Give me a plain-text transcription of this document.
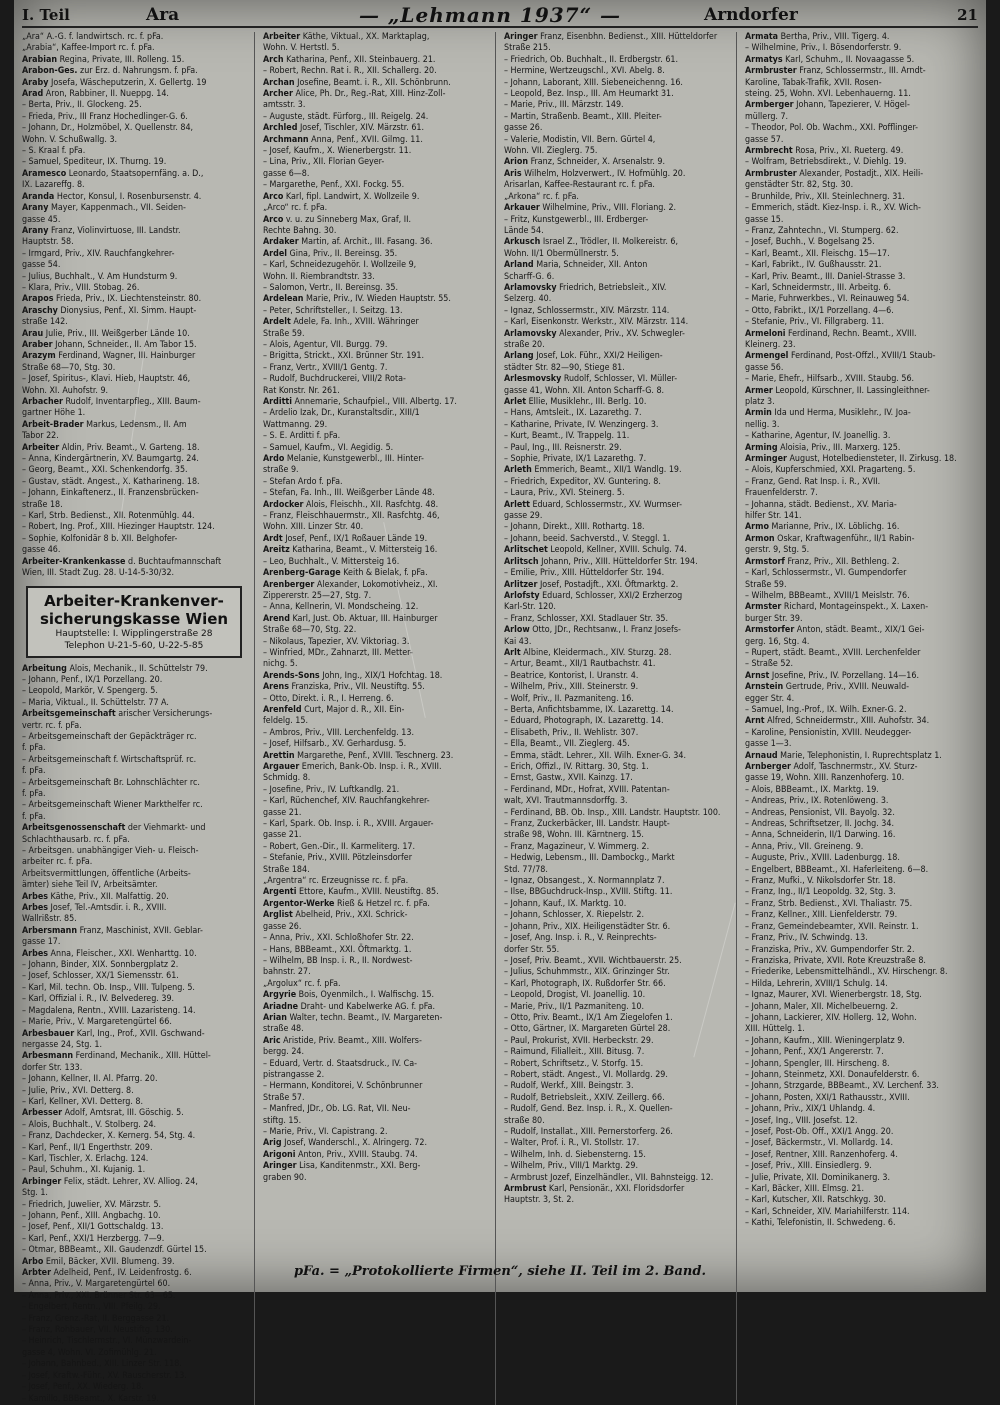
I. Teil	Ara	— „Lehmann 1937“ —	Arndorfer	21
„Ara“ A.-G. f. landwirtsch. rc. f. pFa.
„Arabia“, Kaffee-Import rc. f. pFa.
Arabian Regina, Private, III. Rolleng. 15.
Arabon-Ges. zur Erz. d. Nahrungsm. f. pFa.
Araby Josefa, Wäscheputzerin, X. Gellertg. 19
Arad Aron, Rabbiner, II. Nueppg. 14.
– Berta, Priv., II. Glockeng. 25.
– Frieda, Priv., III Franz Hochedlinger-G. 6.
– Johann, Dr., Holzmöbel, X. Quellenstr. 84,
Wohn. V. Schußwallg. 3.
– S. Kraal f. pFa.
– Samuel, Spediteur, IX. Thurng. 19.
Aramesco Leonardo, Staatsopernfäng. a. D.,
IX. Lazareffg. 8.
Aranda Hector, Konsul, I. Rosenbursenstr. 4.
Arany Mayer, Kappenmach., VII. Seiden-
gasse 45.
Arany Franz, Violinvirtuose, III. Landstr.
Hauptstr. 58.
– Irmgard, Priv., XIV. Rauchfangkehrer-
gasse 54.
– Julius, Buchhalt., V. Am Hundsturm 9.
– Klara, Priv., VIII. Stobag. 26.
Arapos Frieda, Priv., IX. Liechtensteinstr. 80.
Araschy Dionysius, Penf., XI. Simm. Haupt-
straße 142.
Arau Julie, Priv., III. Weißgerber Lände 10.
Araber Johann, Schneider., II. Am Tabor 15.
Arazym Ferdinand, Wagner, III. Hainburger
Straße 68—70, Stg. 30.
– Josef, Spiritus-, Klavi. Hieb, Hauptstr. 46,
Wohn. XI. Auhofstr. 9.
Arbacher Rudolf, Inventarpfleg., XIII. Baum-
gartner Höhe 1.
Arbeit-Brader Markus, Ledensm., II. Am
Tabor 22.
Arbeiter Aldin, Priv. Beamt., V. Garteng. 18.
– Anna, Kindergärtnerin, XV. Baumgartg. 24.
– Georg, Beamt., XXI. Schenkendorfg. 35.
– Gustav, städt. Angest., X. Katharineng. 18.
– Johann, Einkaftenerz., II. Franzensbrücken-
straße 18.
– Karl, Strb. Bedienst., XII. Rotenmühlg. 44.
– Robert, Ing. Prof., XIII. Hiezinger Hauptstr. 124.
– Sophie, Kolfonidär 8 b. XII. Belghofer-
gasse 46.
Arbeiter-Krankenkasse d. Buchtaufmannschaft
Wien, III. Stadt Zug. 28. U-14-5-30/32.
Arbeiter-Krankenver-
sicherungskasse Wien
Hauptstelle: I. Wipplingerstraße 28
Telephon U-21-5-60, U-22-5-85
Arbeitung Alois, Mechanik., II. Schüttelstr 79.
– Johann, Penf., IX/1 Porzellang. 20.
– Leopold, Markör, V. Spengerg. 5.
– Maria, Viktual., II. Schüttelstr. 77 A.
Arbeitsgemeinschaft arischer Versicherungs-
vertr. rc. f. pFa.
– Arbeitsgemeinschaft der Gepäckträger rc.
f. pFa.
– Arbeitsgemeinschaft f. Wirtschaftsprüf. rc.
f. pFa.
– Arbeitsgemeinschaft Br. Lohnschlächter rc.
f. pFa.
– Arbeitsgemeinschaft Wiener Markthelfer rc.
f. pFa.
Arbeitsgenossenschaft der Viehmarkt- und
Schlachthausarb. rc. f. pFa.
– Arbeitsgen. unabhängiger Vieh- u. Fleisch-
arbeiter rc. f. pFa.
Arbeitsvermittlungen, öffentliche (Arbeits-
ämter) siehe Teil IV, Arbeitsämter.
Arbes Käthe, Priv., XII. Malfattig. 20.
Arbes Josef, Tel.-Amtsdir. i. R., XVIII.
Wallrißstr. 85.
Arbersmann Franz, Maschinist, XVII. Geblar-
gasse 17.
Arbes Anna, Fleischer., XXI. Wenharttg. 10.
– Johann, Binder, XIX. Sonnbergplatz 2.
– Josef, Schlosser, XX/1 Siemensstr. 61.
– Karl, Mil. techn. Ob. Insp., VIII. Tulpeng. 5.
– Karl, Offizial i. R., IV. Belvedereg. 39.
– Magdalena, Rentn., XVIII. Lazaristeng. 14.
– Marie, Priv., V. Margaretengürtel 66.
Arbesbauer Karl, Ing., Prof., XVII. Gschwand-
nergasse 24, Stg. 1.
Arbesmann Ferdinand, Mechanik., XIII. Hüttel-
dorfer Str. 133.
– Johann, Kellner, II. Al. Pfarrg. 20.
– Julie, Priv., XVI. Detterg. 8.
– Karl, Kellner, XVI. Detterg. 8.
Arbesser Adolf, Amtsrat, III. Göschig. 5.
– Alois, Buchhalt., V. Stolberg. 24.
– Franz, Dachdecker, X. Kernerg. 54, Stg. 4.
– Karl, Penf., II/1 Engerthstr. 209.
– Karl, Tischler, X. Erlachg. 124.
– Paul, Schuhm., XI. Kujanig. 1.
Arbinger Felix, städt. Lehrer, XV. Alliog. 24,
Stg. 1.
– Friedrich, Juwelier, XV. Märzstr. 5.
– Johann, Penf., XIII. Angbachg. 10.
– Josef, Penf., XII/1 Gottschaldg. 13.
– Karl, Penf., XXI/1 Herzbergg. 7—9.
– Otmar, BBBeamt., XII. Gaudenzdf. Gürtel 15.
Arbo Emil, Bäcker, XVII. Blumeng. 39.
Arbter Adelheid, Penf., IV. Leidenfrostg. 6.
– Anna, Priv., V. Margaretengürtel 60.
– Anna, Priv., XXI. Brünner Str. 63—65.
– Engelbert, Rentn., VIII. Pfeilg. 29.
– Franz, Grenz.-Rat, II. Berggasse 21.
– Franz, Rohbauer, VII. Neustiftg. 130.
– Heinrich, Tischlermstr., VI. Münzwardein-
gasse 4, Wohn. VI. Zofimühlg. 21.
– Johann, Bahnbed., XIII. Linzer Str. 118.
– Josef, Kraftw.-Führ., XV. Rauscherstr. 13.
– Josef, Penf., XX. Wiederg. 18.
– Kamillo, BBBeamt., X. Karstr. 19.
Arbeiter Käthe, Viktual., XX. Marktaplag,
Wohn. V. Hertstl. 5.
Arch Katharina, Penf., XII. Steinbauerg. 21.
– Robert, Rechn. Rat i. R., XII. Schallerg. 20.
Archan Josefine, Beamt. i. R., XII. Schönbrunn.
Archer Alice, Ph. Dr., Reg.-Rat, XIII. Hinz-Zoll-
amtsstr. 3.
– Auguste, städt. Fürforg., III. Reigelg. 24.
Archled Josef, Tischler, XIV. Märzstr. 61.
Archmann Anna, Penf., XVII. Gilmg. 11.
– Josef, Kaufm., X. Wienerbergstr. 11.
– Lina, Priv., XII. Florian Geyer-
gasse 6—8.
– Margarethe, Penf., XXI. Fockg. 55.
Arco Karl, fipl. Landwirt, X. Wollzeile 9.
„Arco“ rc. f. pFa.
Arco v. u. zu Sinneberg Max, Graf, II.
Rechte Bahng. 30.
Ardaker Martin, af. Archit., III. Fasang. 36.
Ardel Gina, Priv., II. Bereinsg. 35.
– Karl, Schneidezugehör. I. Wollzeile 9,
Wohn. II. Riembrandtstr. 33.
– Salomon, Vertr., II. Bereinsg. 35.
Ardelean Marie, Priv., IV. Wieden Hauptstr. 55.
– Peter, Schriftsteller., I. Seitzg. 13.
Ardelt Adele, Fa. Inh., XVIII. Währinger
Straße 59.
– Alois, Agentur, VII. Burgg. 79.
– Brigitta, Strickt., XXI. Brünner Str. 191.
– Franz, Vertr., XVIII/1 Gentg. 7.
– Rudolf, Buchdruckerei, VIII/2 Rota-
Rat Konstr. Nr. 261.
Arditti Annemarie, Schaufpiel., VIII. Albertg. 17.
– Ardelio Izak, Dr., Kuranstaltsdir., XIII/1
Wattmanng. 29.
– S. E. Arditti f. pFa.
– Samuel, Kaufm., VI. Aegidig. 5.
Ardo Melanie, Kunstgewerbl., III. Hinter-
straße 9.
– Stefan Ardo f. pFa.
– Stefan, Fa. Inh., III. Weißgerber Lände 48.
Ardocker Alois, Fleischh., XII. Rasfchtg. 48.
– Franz, Fleischhauermstr., XII. Rasfchtg. 46,
Wohn. XIII. Linzer Str. 40.
Ardt Josef, Penf., IX/1 Roßauer Lände 19.
Areitz Katharina, Beamt., V. Mittersteig 16.
– Leo, Buchhalt., V. Mittersteig 16.
Arenberg-Garage Keith & Bielak, f. pFa.
Arenberger Alexander, Lokomotivheiz., XI.
Zippererstr. 25—27, Stg. 7.
– Anna, Kellnerin, VI. Mondscheing. 12.
Arend Karl, Just. Ob. Aktuar, III. Hainburger
Straße 68—70, Stg. 22.
– Nikolaus, Tapezier, XV. Viktoriag. 3.
– Winfried, MDr., Zahnarzt, III. Metter-
nichg. 5.
Arends-Sons John, Ing., XIX/1 Hofchtag. 18.
Arens Franziska, Priv., VII. Neustiftg. 55.
– Otto, Direkt. i. R., I. Herreng. 6.
Arenfeld Curt, Major d. R., XII. Ein-
feldelg. 15.
– Ambros, Priv., VIII. Lerchenfeldg. 13.
– Josef, Hilfsarb., XV. Gerhardusg. 5.
Arettin Margarethe, Penf., XVIII. Teschnerg. 23.
Argauer Emerich, Bank-Ob. Insp. i. R., XVIII.
Schmidg. 8.
– Josefine, Priv., IV. Luftkandlg. 21.
– Karl, Rüchenchef, XIV. Rauchfangkehrer-
gasse 21.
– Karl, Spark. Ob. Insp. i. R., XVIII. Argauer-
gasse 21.
– Robert, Gen.-Dir., II. Karmeliterg. 17.
– Stefanie, Priv., XVIII. Pötzleinsdorfer
Straße 184.
„Argentra“ rc. Erzeugnisse rc. f. pFa.
Argenti Ettore, Kaufm., XVIII. Neustiftg. 85.
Argentor-Werke Rieß & Hetzel rc. f. pFa.
Arglist Abelheid, Priv., XXI. Schrick-
gasse 26.
– Anna, Priv., XXI. Schloßhofer Str. 22.
– Hans, BBBeamt., XXI. Öftmarktg. 1.
– Wilhelm, BB Insp. i. R., II. Nordwest-
bahnstr. 27.
„Argolux“ rc. f. pFa.
Argyrie Bois, Oyenmilch., I. Walfischg. 15.
Ariadne Draht- und Kabelwerke AG. f. pFa.
Arian Walter, techn. Beamt., IV. Margareten-
straße 48.
Aric Aristide, Priv. Beamt., XIII. Wolfers-
bergg. 24.
– Eduard, Vertr. d. Staatsdruck., IV. Ca-
pistrangasse 2.
– Hermann, Konditorei, V. Schönbrunner
Straße 57.
– Manfred, JDr., Ob. LG. Rat, VII. Neu-
stiftg. 15.
– Marie, Priv., VI. Capistrang. 2.
Arig Josef, Wanderschl., X. Alringerg. 72.
Arigoni Anton, Priv., XVIII. Staubg. 74.
Aringer Lisa, Kanditenmstr., XXI. Berg-
graben 90.
Aringer Franz, Eisenbhn. Bedienst., XIII. Hütteldorfer
Straße 215.
– Friedrich, Ob. Buchhalt., II. Erdbergstr. 61.
– Hermine, Wertzeugschl., XVI. Abelg. 8.
– Johann, Laborant, XIII. Siebeneichenng. 16.
– Leopold, Bez. Insp., III. Am Heumarkt 31.
– Marie, Priv., III. Märzstr. 149.
– Martin, Straßenb. Beamt., XIII. Pleiter-
gasse 26.
– Valerie, Modistin, VII. Bern. Gürtel 4,
Wohn. VII. Zieglerg. 75.
Arion Franz, Schneider, X. Arsenalstr. 9.
Aris Wilhelm, Holzverwert., IV. Hofmühlg. 20.
Arisarlan, Kaffee-Restaurant rc. f. pFa.
„Arkona“ rc. f. pFa.
Arkauer Wilhelmine, Priv., VIII. Floriang. 2.
– Fritz, Kunstgewerbl., III. Erdberger-
Lände 54.
Arkusch Israel Z., Trödler, II. Molkereistr. 6,
Wohn. II/1 Obermüllnerstr. 5.
Arland Maria, Schneider, XII. Anton
Scharff-G. 6.
Arlamovsky Friedrich, Betriebsleit., XIV.
Selzerg. 40.
– Ignaz, Schlossermstr., XIV. Märzstr. 114.
– Karl, Eisenkonstr. Werkstr., XIV. Märzstr. 114.
Arlamovsky Alexander, Priv., XV. Schwegler-
straße 20.
Arlang Josef, Lok. Führ., XXI/2 Heiligen-
städter Str. 82—90, Stiege 81.
Arlesmovsky Rudolf, Schlosser, VI. Müller-
gasse 41, Wohn. XII. Anton Scharff-G. 8.
Arlet Ellie, Musiklehr., III. Berlg. 10.
– Hans, Amtsleit., IX. Lazarethg. 7.
– Katharine, Private, IV. Wenzingerg. 3.
– Kurt, Beamt., IV. Trappelg. 11.
– Paul, Ing., III. Reisnerstr. 29.
– Sophie, Private, IX/1 Lazarethg. 7.
Arleth Emmerich, Beamt., XII/1 Wandlg. 19.
– Friedrich, Expeditor, XV. Guntering. 8.
– Laura, Priv., XVI. Steinerg. 5.
Arlett Eduard, Schlossermstr., XV. Wurmser-
gasse 29.
– Johann, Direkt., XIII. Rothartg. 18.
– Johann, beeid. Sachverstd., V. Steggl. 1.
Arlitschet Leopold, Kellner, XVIII. Schulg. 74.
Arlitsch Johann, Priv., XIII. Hütteldorfer Str. 194.
– Emilie, Priv., XIII. Hütteldorfer Str. 194.
Arlitzer Josef, Postadjft., XXI. Öftmarktg. 2.
Arlofsty Eduard, Schlosser, XXI/2 Erzherzog
Karl-Str. 120.
– Franz, Schlosser, XXI. Stadlauer Str. 35.
Arlow Otto, JDr., Rechtsanw., I. Franz Josefs-
Kai 43.
Arlt Albine, Kleidermach., XIV. Sturzg. 28.
– Artur, Beamt., XII/1 Rautbachstr. 41.
– Beatrice, Kontorist, I. Uranstr. 4.
– Wilhelm, Priv., XIII. Steinerstr. 9.
– Wolf, Priv., II. Pazmaniteng. 16.
– Berta, Anfichtsbamme, IX. Lazarettg. 14.
– Eduard, Photograph, IX. Lazarettg. 14.
– Elisabeth, Priv., II. Wehlistr. 307.
– Ella, Beamt., VII. Zieglerg. 45.
– Emma, städt. Lehrer., XII. Wilh. Exner-G. 34.
– Erich, Offizl., IV. Rittarg. 30, Stg. 1.
– Ernst, Gastw., XVII. Kainzg. 17.
– Ferdinand, MDr., Hofrat, XVIII. Patentan-
walt, XVI. Trautmannsdorffg. 3.
– Ferdinand, BB. Ob. Insp., XIII. Landstr. Hauptstr. 100.
– Franz, Zuckerbäcker, III. Landstr. Haupt-
straße 98, Wohn. III. Kärntnerg. 15.
– Franz, Magazineur, V. Wimmerg. 2.
– Hedwig, Lebensm., III. Dambockg., Markt
Std. 77/78.
– Ignaz, Obsangest., X. Normannplatz 7.
– Ilse, BBGuchdruck-Insp., XVIII. Stiftg. 11.
– Johann, Kauf., IX. Marktg. 10.
– Johann, Schlosser, X. Riepelstr. 2.
– Johann, Priv., XIX. Heiligenstädter Str. 6.
– Josef, Ang. Insp. i. R., V. Reinprechts-
dorfer Str. 55.
– Josef, Priv. Beamt., XVII. Wichtbauerstr. 25.
– Julius, Schuhmmstr., XIX. Grinzinger Str.
– Karl, Photograph, IX. Rußdorfer Str. 66.
– Leopold, Drogist, VI. Joanellig. 10.
– Marie, Priv., II/1 Pazmaniteng. 10.
– Otto, Priv. Beamt., IX/1 Am Ziegelofen 1.
– Otto, Gärtner, IX. Margareten Gürtel 28.
– Paul, Prokurist, XVII. Herbeckstr. 29.
– Raimund, Filialleit., XIII. Bitusg. 7.
– Robert, Schriftsetz., V. Storfg. 15.
– Robert, städt. Angest., VI. Mollardg. 29.
– Rudolf, Werkf., XIII. Beingstr. 3.
– Rudolf, Betriebsleit., XXIV. Zeillerg. 66.
– Rudolf, Gend. Bez. Insp. i. R., X. Quellen-
straße 80.
– Rudolf, Installat., XIII. Pernerstorferg. 26.
– Walter, Prof. i. R., VI. Stollstr. 17.
– Wilhelm, Inh. d. Siebensterng. 15.
– Wilhelm, Priv., VIII/1 Marktg. 29.
– Armbrust Jozef, Einzelhändler., VII. Bahnsteigg. 12.
Armbrust Karl, Pensionär., XXI. Floridsdorfer
Hauptstr. 3, St. 2.
Armata Bertha, Priv., VIII. Tigerg. 4.
– Wilhelmine, Priv., I. Bösendorferstr. 9.
Armatys Karl, Schuhm., II. Novaagasse 5.
Armbruster Franz, Schlossermstr., III. Arndt-
Karoline, Tabak-Trafik, XVII. Rosen-
steing. 25, Wohn. XVI. Lebenhauerng. 11.
Armberger Johann, Tapezierer, V. Högel-
müllerg. 7.
– Theodor, Pol. Ob. Wachm., XXI. Pofflinger-
gasse 57.
Armbrecht Rosa, Priv., XI. Rueterg. 49.
– Wolfram, Betriebsdirekt., V. Diehlg. 19.
Armbruster Alexander, Postadjt., XIX. Heili-
genstädter Str. 82, Stg. 30.
– Brunhilde, Priv., XII. Steinlechnerg. 31.
– Emmerich, städt. Kiez-Insp. i. R., XV. Wich-
gasse 15.
– Franz, Zahntechn., VI. Stumperg. 62.
– Josef, Buchh., V. Bogelsang 25.
– Karl, Beamt., XII. Fleischg. 15—17.
– Karl, Fabrikt., IV. Gußhausstr. 21.
– Karl, Priv. Beamt., III. Daniel-Strasse 3.
– Karl, Schneidermstr., III. Arbeitg. 6.
– Marie, Fuhrwerkbes., VI. Reinauweg 54.
– Otto, Fabrikt., IX/1 Porzellang. 4—6.
– Stefanie, Priv., VI. Fillgraberg. 11.
Armeloni Ferdinand, Rechn. Beamt., XVIII.
Kleinerg. 23.
Armengel Ferdinand, Post-Offzl., XVIII/1 Staub-
gasse 56.
– Marie, Ehefr., Hilfsarb., XVIII. Staubg. 56.
Armer Leopold, Kürschner, II. Lassingleithner-
platz 3.
Armin Ida und Herma, Musiklehr., IV. Joa-
nellig. 3.
– Katharine, Agentur, IV. Joanellig. 3.
Arming Aloisia, Priv., III. Marxerg. 125.
Arminger August, Hotelbediensteter, II. Zirkusg. 18.
– Alois, Kupferschmied, XXI. Pragarteng. 5.
– Franz, Gend. Rat Insp. i. R., XVII.
Frauenfelderstr. 7.
– Johanna, städt. Bedienst., XV. Maria-
hilfer Str. 141.
Armo Marianne, Priv., IX. Löblichg. 16.
Armon Oskar, Kraftwagenführ., II/1 Rabin-
gerstr. 9, Stg. 5.
Armstorf Franz, Priv., XII. Bethleng. 2.
– Karl, Schlossermstr., VI. Gumpendorfer
Straße 59.
– Wilhelm, BBBeamt., XVIII/1 Meislstr. 76.
Armster Richard, Montageinspekt., X. Laxen-
burger Str. 39.
Armstorfer Anton, städt. Beamt., XIX/1 Gei-
gerg. 16, Stg. 4.
– Rupert, städt. Beamt., XVIII. Lerchenfelder
– Straße 52.
Arnst Josefine, Priv., IV. Porzellang. 14—16.
Arnstein Gertrude, Priv., XVIII. Neuwald-
egger Str. 4.
– Samuel, Ing.-Prof., IX. Wilh. Exner-G. 2.
Arnt Alfred, Schneidermstr., XIII. Auhofstr. 34.
– Karoline, Pensionistin, XVIII. Neudegger-
gasse 1—3.
Arnaud Marie, Telephonistin, I. Ruprechtsplatz 1.
Arnberger Adolf, Taschnermstr., XV. Sturz-
gasse 19, Wohn. XIII. Ranzenhoferg. 10.
– Alois, BBBeamt., IX. Marktg. 19.
– Andreas, Priv., IX. Rotenlöweng. 3.
– Andreas, Pensionist, VII. Bayolg. 32.
– Andreas, Schriftsetzer, II. Jochg. 34.
– Anna, Schneiderin, II/1 Darwing. 16.
– Anna, Priv., VII. Greineng. 9.
– Auguste, Priv., XVIII. Ladenburgg. 18.
– Engelbert, BBBeamt., XI. Haferleiteng. 6—8.
– Franz, Mufki., V. Nikolsdorfer Str. 18.
– Franz, Ing., II/1 Leopoldg. 32, Stg. 3.
– Franz, Strb. Bedienst., XVI. Thaliastr. 75.
– Franz, Kellner., XIII. Lienfelderstr. 79.
– Franz, Gemeindebeamter, XVII. Reinstr. 1.
– Franz, Priv., IV. Schwindg. 13.
– Franziska, Priv., XV. Gumpendorfer Str. 2.
– Franziska, Private, XVII. Rote Kreuzstraße 8.
– Friederike, Lebensmittelhändl., XV. Hirschengr. 8.
– Hilda, Lehrerin, XVIII/1 Schulg. 14.
– Ignaz, Maurer, XVI. Wienerbergstr. 18, Stg.
– Johann, Maler, XII. Michelbeuerng. 2.
– Johann, Lackierer, XIV. Hollerg. 12, Wohn.
XIII. Hüttelg. 1.
– Johann, Kaufm., XIII. Wieningerplatz 9.
– Johann, Penf., XX/1 Angererstr. 7.
– Johann, Spengler, III. Hirscheng. 8.
– Johann, Steinmetz, XXI. Donaufelderstr. 6.
– Johann, Strzgarde, BBBeamt., XV. Lerchenf. 33.
– Johann, Posten, XXI/1 Rathausstr., XVIII.
– Johann, Priv., XIX/1 Uhlandg. 4.
– Josef, Ing., VIII. Josefst. 12.
– Josef, Post-Ob. Off., XXI/1 Angg. 20.
– Josef, Bäckermstr., VI. Mollardg. 14.
– Josef, Rentner, XIII. Ranzenhoferg. 4.
– Josef, Priv., XIII. Einsiedlerg. 9.
– Julie, Private, XII. Dominikanerg. 3.
– Karl, Bäcker, XIII. Elmsg. 21.
– Karl, Kutscher, XII. Ratschkyg. 30.
– Karl, Schneider, XIV. Mariahilferstr. 114.
– Kathi, Telefonistin, II. Schwedeng. 6.
pFa. = „Protokollierte Firmen“, siehe II. Teil im 2. Band.
